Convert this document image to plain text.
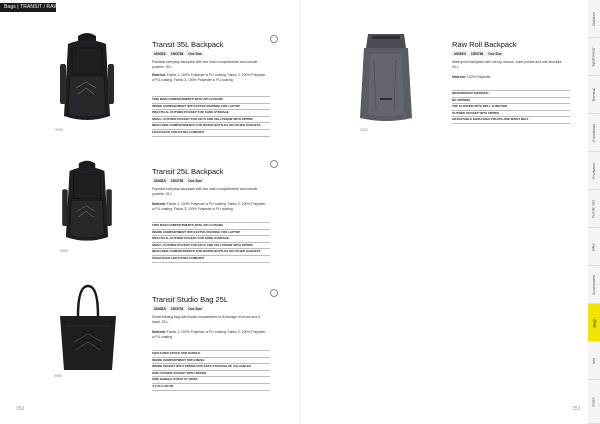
Bags | TRANSIT / RAW
9999
Transit 35L Backpack
UNISEX	1905788	One Size
Practical everyday backpack with two main compartments and outside pockets. 35 L.
Material: Fabric 1: 100% Polyester w PU coating. Fabric 2: 100% Polyester w PU coating. Fabric 3: 100% Polyester w PU coating.
TWO MAIN COMPARTMENTS WITH ZIP CLOSURE
INSIDE COMPARTMENT WITH EXTRA PADDING FOR LAPTOP
PRACTICAL OUTSIDE POCKET FOR SHOE STORAGE
SMALL OUTSIDE POCKET FOR KEYS AND CELLPHONE WITH ZIPPER
MESH SIDE COMPARTMENTS FOR WATER BOTTLES OR OTHER GADGETS
FOAM BACK FOR EXTRA COMFORT
9999
Transit 25L Backpack
UNISEX	1905789	One Size
Practical everyday backpack with two main compartments and outside pockets. 25 L.
Material: Fabric 1: 100% Polyester w PU coating. Fabric 2: 100% Polyester w PU coating. Fabric 3: 100% Polyester w PU coating.
TWO MAIN COMPARTMENTS WITH ZIP CLOSURE
INSIDE COMPARTMENT WITH EXTRA PADDING FOR LAPTOP
PRACTICAL OUTSIDE POCKET FOR SHOE STORAGE
SMALL OUTSIDE POCKET FOR KEYS AND CELLPHONE WITH ZIPPER
MESH SIDE COMPARTMENTS FOR WATER BOTTLES OR OTHER GADGETS
FOAM BACK FOR EXTRA COMFORT
9999
Transit Studio Bag 25L
UNISEX	1905794	One Size
Smart training bag with inside compartment to fit storage of shoes and a towel. 25 L.
Material: Fabric 1: 100% Polyester w PU coating. Fabric 2: 100% Polyester w PU coating.
SHOULDER STRAP AND HANDLE
INSIDE COMPARTMENT WITH MESH
INSIDE POCKET WITH ZIPPER FOR SAFE STORAGE OF VALUABLES
ONE OUTSIDE POCKET WITH ZIPPER
SIDE HANDLE STRAP AT SIDES
4 X 25 X 28 CM
1903
Raw Roll Backpack
UNISEX	1905786	One Size
Waterproof backpack with roll top closure, outer pocket and soft structure. 30 L.
Material: 100% Polyester
WATERPROOF MATERIAL
NO ZIPPERS
TOP CLOSURE WITH ROLL FUNCTION
OUTSIDE POCKET WITH ZIPPER
ADJUSTABLE SHOULDER STRAPS AND WAIST BELT
Outdoor
Sportswear
Thermal
Functional
Footwear
Nordic Ski
Bike
Accessories
Bags
Info
Index
352	353
